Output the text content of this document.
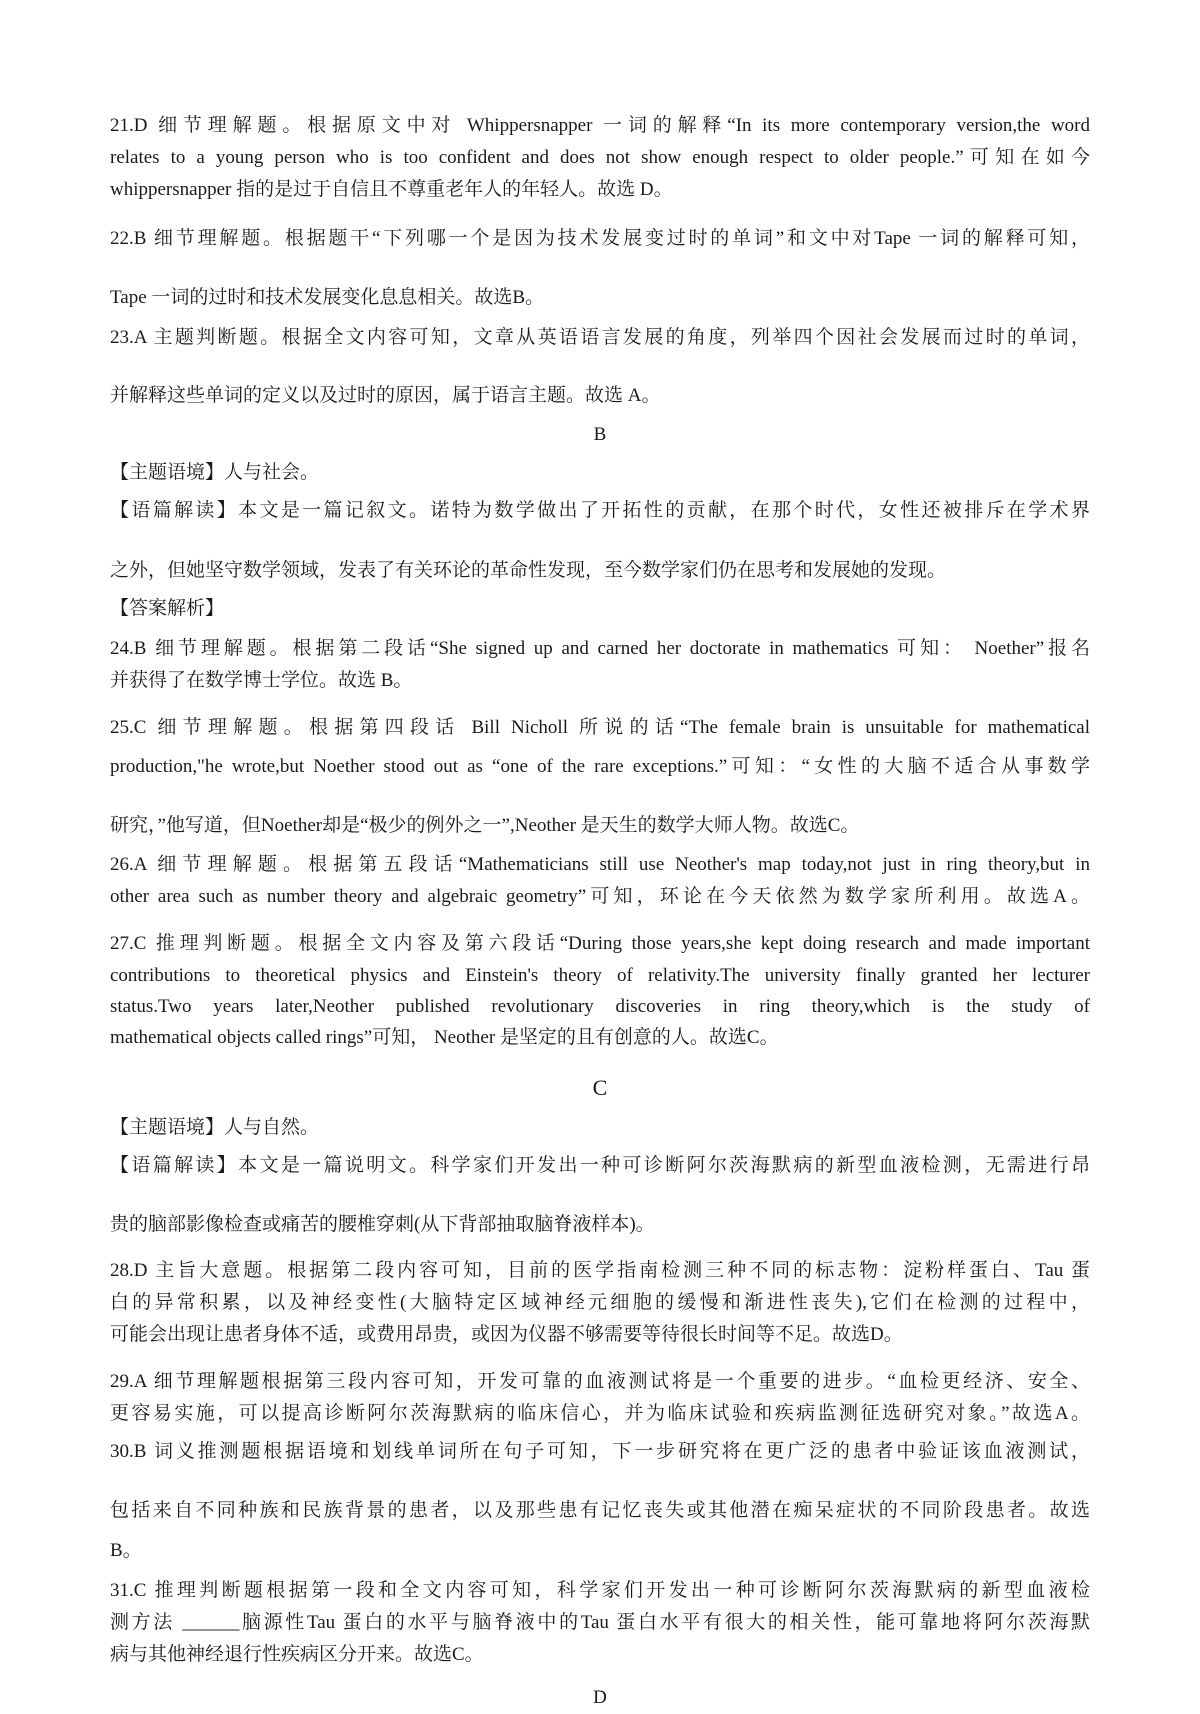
21.D 细节理解题。根据原文中对 Whippersnapper 一词的解释“In its more contemporary version,the word
relates to a young person who is too confident and does not show enough respect to older people.”可知在如今
whippersnapper 指的是过于自信且不尊重老年人的年轻人。故选 D。
22.B 细节理解题。根据题干“下列哪一个是因为技术发展变过时的单词”和文中对Tape 一词的解释可知，
Tape 一词的过时和技术发展变化息息相关。故选B。
23.A 主题判断题。根据全文内容可知，文章从英语语言发展的角度，列举四个因社会发展而过时的单词，
并解释这些单词的定义以及过时的原因，属于语言主题。故选 A。
B
【主题语境】人与社会。
【语篇解读】本文是一篇记叙文。诺特为数学做出了开拓性的贡献，在那个时代，女性还被排斥在学术界
之外，但她坚守数学领域，发表了有关环论的革命性发现，至今数学家们仍在思考和发展她的发现。
【答案解析】
24.B 细节理解题。根据第二段话“She signed up and carned her doctorate in mathematics 可知： Noether”报名
并获得了在数学博士学位。故选 B。
25.C 细节理解题。根据第四段话 Bill Nicholl 所说的话“The female brain is unsuitable for mathematical
production,"he wrote,but Noether stood out as “one of the rare exceptions.”可知：“女性的大脑不适合从事数学
研究，”他写道，但Noether却是“极少的例外之一”,Neother 是天生的数学大师人物。故选C。
26.A 细节理解题。根据第五段话“Mathematicians still use Neother's map today,not just in ring theory,but in
other area such as number theory and algebraic geometry”可知，环论在今天依然为数学家所利用。故选A。
27.C 推理判断题。根据全文内容及第六段话“During those years,she kept doing research and made important
contributions to theoretical physics and Einstein's theory of relativity.The university finally granted her lecturer
status.Two years later,Neother published revolutionary discoveries in ring theory,which is the study of
mathematical objects called rings”可知， Neother 是坚定的且有创意的人。故选C。
C
【主题语境】人与自然。
【语篇解读】本文是一篇说明文。科学家们开发出一种可诊断阿尔茨海默病的新型血液检测，无需进行昂
贵的脑部影像检查或痛苦的腰椎穿刺(从下背部抽取脑脊液样本)。
28.D 主旨大意题。根据第二段内容可知，目前的医学指南检测三种不同的标志物：淀粉样蛋白、Tau 蛋
白的异常积累，以及神经变性(大脑特定区域神经元细胞的缓慢和渐进性丧失),它们在检测的过程中，
可能会出现让患者身体不适，或费用昂贵，或因为仪器不够需要等待很长时间等不足。故选D。
29.A 细节理解题根据第三段内容可知，开发可靠的血液测试将是一个重要的进步。“血检更经济、安全、
更容易实施，可以提高诊断阿尔茨海默病的临床信心，并为临床试验和疾病监测征选研究对象。”故选A。
30.B 词义推测题根据语境和划线单词所在句子可知，下一步研究将在更广泛的患者中验证该血液测试，
包括来自不同种族和民族背景的患者，以及那些患有记忆丧失或其他潜在痴呆症状的不同阶段患者。故选
B。
31.C 推理判断题根据第一段和全文内容可知，科学家们开发出一种可诊断阿尔茨海默病的新型血液检
测方法 ______脑源性Tau 蛋白的水平与脑脊液中的Tau 蛋白水平有很大的相关性，能可靠地将阿尔茨海默
病与其他神经退行性疾病区分开来。故选C。
D
